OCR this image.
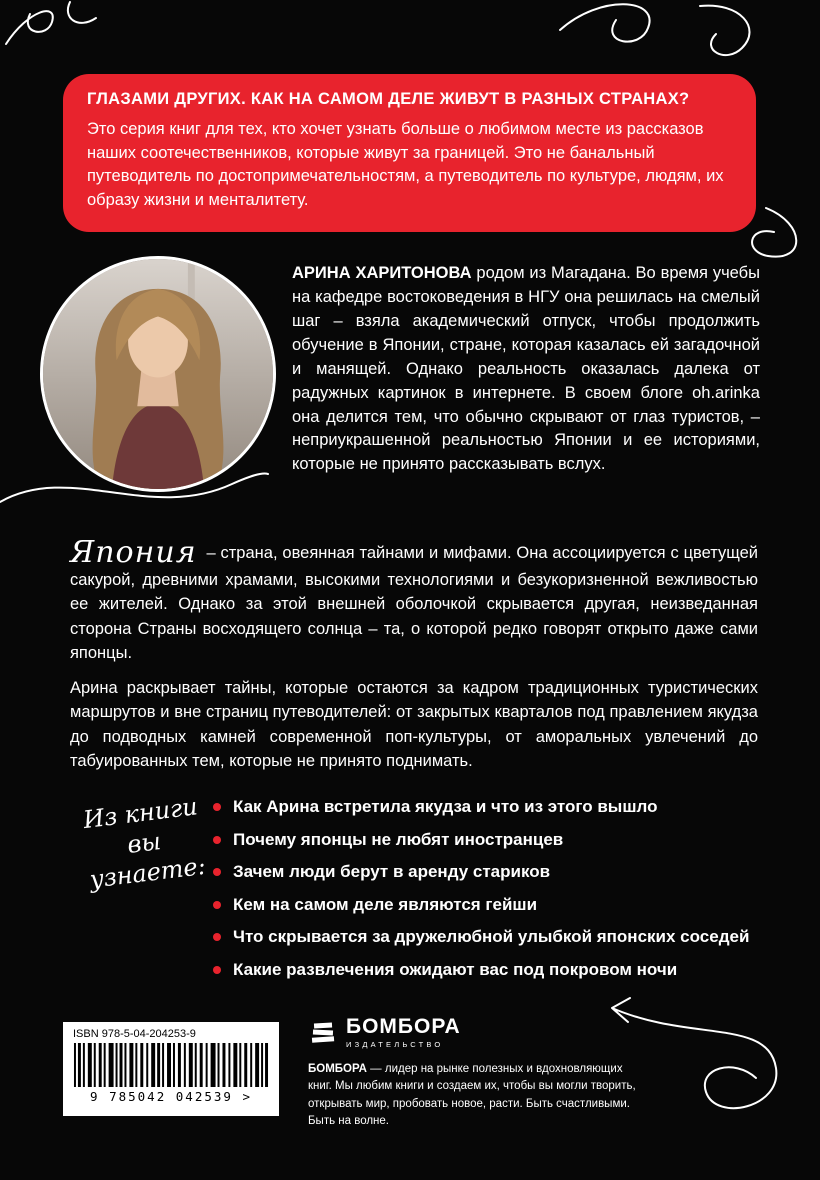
ГЛАЗАМИ ДРУГИХ. КАК НА САМОМ ДЕЛЕ ЖИВУТ В РАЗНЫХ СТРАНАХ?
Это серия книг для тех, кто хочет узнать больше о любимом месте из рассказов наших соотечественников, которые живут за границей. Это не банальный путеводитель по достопримечательностям, а путеводитель по культуре, людям, их образу жизни и менталитету.

АРИНА ХАРИТОНОВА родом из Магадана. Во время учебы на кафедре востоковедения в НГУ она решилась на смелый шаг – взяла академический отпуск, чтобы продолжить обучение в Японии, стране, которая казалась ей загадочной и манящей. Однако реальность оказалась далека от радужных картинок в интернете. В своем блоге oh.arinka она делится тем, что обычно скрывают от глаз туристов, – неприукрашенной реальностью Японии и ее историями, которые не принято рассказывать вслух.

Япония – страна, овеянная тайнами и мифами. Она ассоциируется с цветущей сакурой, древними храмами, высокими технологиями и безукоризненной вежливостью ее жителей. Однако за этой внешней оболочкой скрывается другая, неизведанная сторона Страны восходящего солнца – та, о которой редко говорят открыто даже сами японцы.

Арина раскрывает тайны, которые остаются за кадром традиционных туристических маршрутов и вне страниц путеводителей: от закрытых кварталов под правлением якудза до подводных камней современной поп-культуры, от аморальных увлечений до табуированных тем, которые не принято поднимать.

Из книги
вы узнаете:
Как Арина встретила якудза и что из этого вышло
Почему японцы не любят иностранцев
Зачем люди берут в аренду стариков
Кем на самом деле являются гейши
Что скрывается за дружелюбной улыбкой японских соседей
Какие развлечения ожидают вас под покровом ночи
ISBN 978-5-04-204253-9
9 785042 042539 >
БОМБОРА
ИЗДАТЕЛЬСТВО

БОМБОРА — лидер на рынке полезных и вдохновляющих книг. Мы любим книги и создаем их, чтобы вы могли творить, открывать мир, пробовать новое, расти. Быть счастливыми. Быть на волне.
